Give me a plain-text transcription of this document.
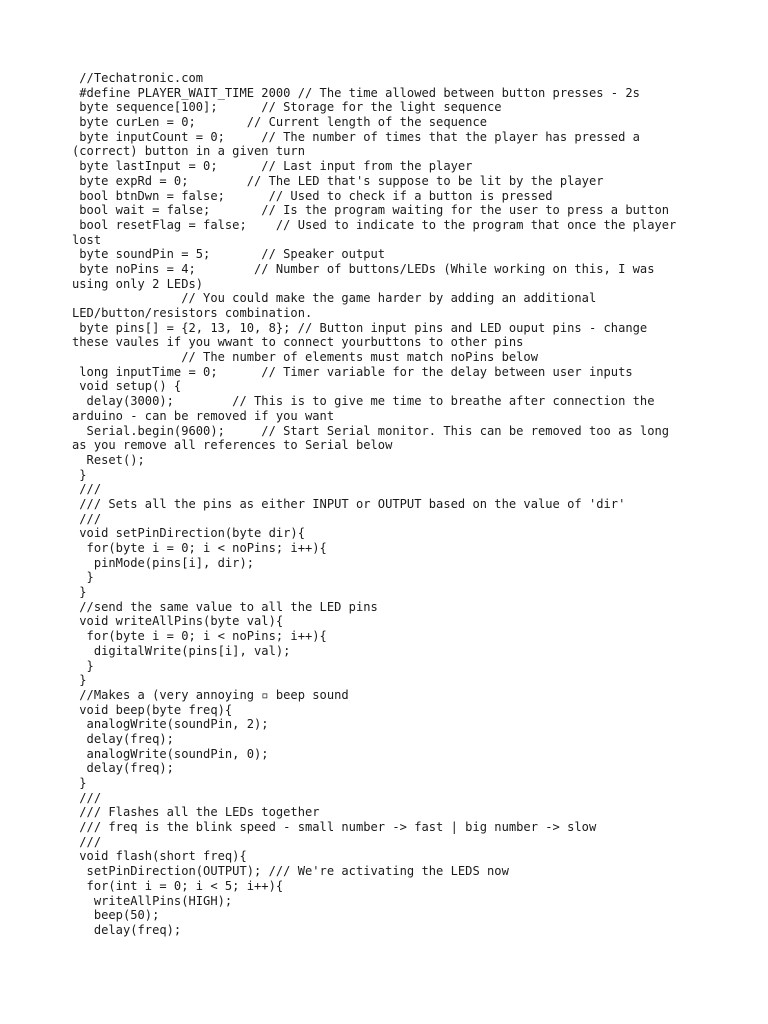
//Techatronic.com
#define PLAYER_WAIT_TIME 2000 // The time allowed between button presses - 2s
byte sequence[100];      // Storage for the light sequence
byte curLen = 0;       // Current length of the sequence
byte inputCount = 0;     // The number of times that the player has pressed a
(correct) button in a given turn
byte lastInput = 0;      // Last input from the player
byte expRd = 0;        // The LED that's suppose to be lit by the player
bool btnDwn = false;      // Used to check if a button is pressed
bool wait = false;       // Is the program waiting for the user to press a button
bool resetFlag = false;    // Used to indicate to the program that once the player
lost
byte soundPin = 5;       // Speaker output
byte noPins = 4;        // Number of buttons/LEDs (While working on this, I was
using only 2 LEDs)
// You could make the game harder by adding an additional
LED/button/resistors combination.
byte pins[] = {2, 13, 10, 8}; // Button input pins and LED ouput pins - change
these vaules if you wwant to connect yourbuttons to other pins
// The number of elements must match noPins below
long inputTime = 0;      // Timer variable for the delay between user inputs
void setup() {
delay(3000);        // This is to give me time to breathe after connection the
arduino - can be removed if you want
Serial.begin(9600);     // Start Serial monitor. This can be removed too as long
as you remove all references to Serial below
Reset();
}
///
/// Sets all the pins as either INPUT or OUTPUT based on the value of 'dir'
///
void setPinDirection(byte dir){
for(byte i = 0; i < noPins; i++){
pinMode(pins[i], dir);
}
}
//send the same value to all the LED pins
void writeAllPins(byte val){
for(byte i = 0; i < noPins; i++){
digitalWrite(pins[i], val);
}
}
//Makes a (very annoying ▫ beep sound
void beep(byte freq){
analogWrite(soundPin, 2);
delay(freq);
analogWrite(soundPin, 0);
delay(freq);
}
///
/// Flashes all the LEDs together
/// freq is the blink speed - small number -> fast | big number -> slow
///
void flash(short freq){
setPinDirection(OUTPUT); /// We're activating the LEDS now
for(int i = 0; i < 5; i++){
writeAllPins(HIGH);
beep(50);
delay(freq);
